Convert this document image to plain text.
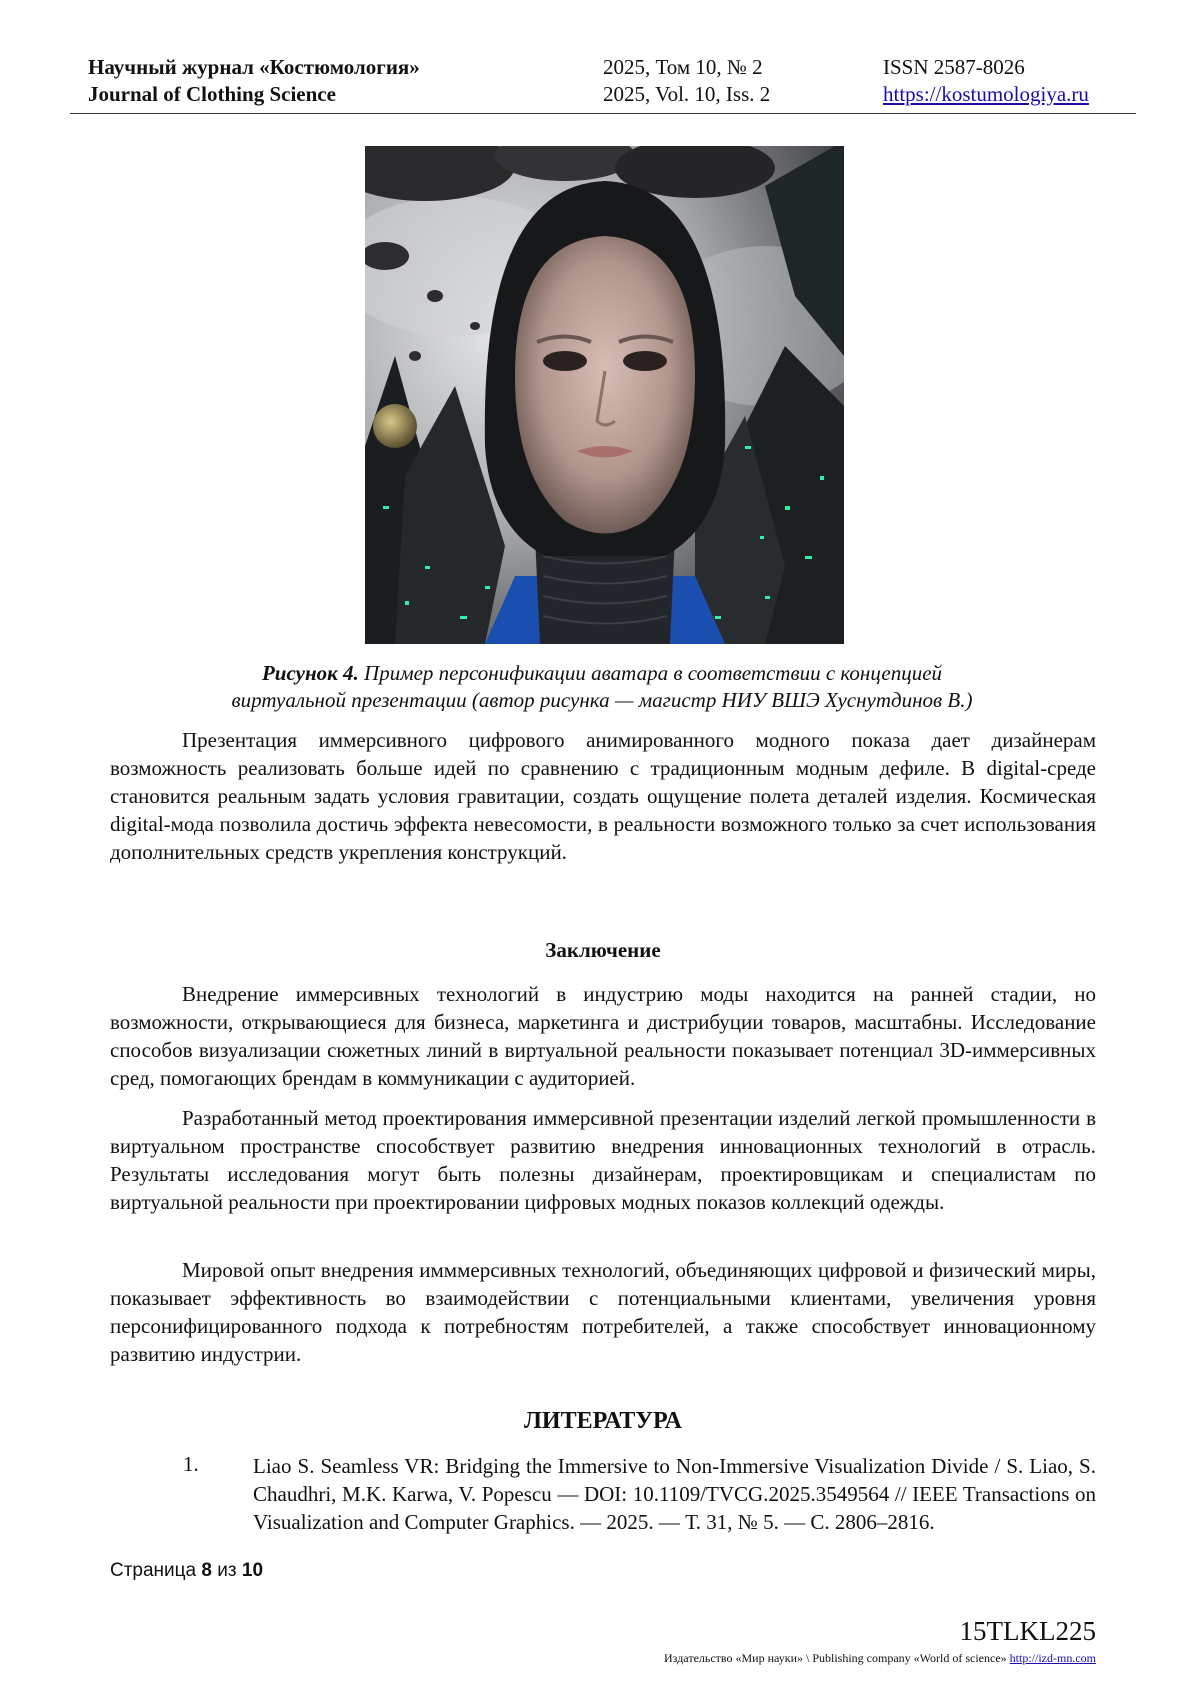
Научный журнал «Костюмология»
Journal of Clothing Science
2025, Том 10, № 2
2025, Vol. 10, Iss. 2
ISSN 2587-8026
https://kostumologiya.ru
Рисунок 4. Пример персонификации аватара в соответствии с концепцией
виртуальной презентации (автор рисунка — магистр НИУ ВШЭ Хуснутдинов В.)

Презентация иммерсивного цифрового анимированного модного показа дает дизайнерам возможность реализовать больше идей по сравнению с традиционным модным дефиле. В digital-среде становится реальным задать условия гравитации, создать ощущение полета деталей изделия. Космическая digital-мода позволила достичь эффекта невесомости, в реальности возможного только за счет использования дополнительных средств укрепления конструкций.

Заключение

Внедрение иммерсивных технологий в индустрию моды находится на ранней стадии, но возможности, открывающиеся для бизнеса, маркетинга и дистрибуции товаров, масштабны. Исследование способов визуализации сюжетных линий в виртуальной реальности показывает потенциал 3D-иммерсивных сред, помогающих брендам в коммуникации с аудиторией.

Разработанный метод проектирования иммерсивной презентации изделий легкой промышленности в виртуальном пространстве способствует развитию внедрения инновационных технологий в отрасль. Результаты исследования могут быть полезны дизайнерам, проектировщикам и специалистам по виртуальной реальности при проектировании цифровых модных показов коллекций одежды.

Мировой опыт внедрения имммерсивных технологий, объединяющих цифровой и физический миры, показывает эффективность во взаимодействии с потенциальными клиентами, увеличения уровня персонифицированного подхода к потребностям потребителей, а также способствует инновационному развитию индустрии.

ЛИТЕРАТУРА
1.	Liao S. Seamless VR: Bridging the Immersive to Non-Immersive Visualization Divide / S. Liao, S. Chaudhri, M.K. Karwa, V. Popescu — DOI: 10.1109/TVCG.2025.3549564 // IEEE Transactions on Visualization and Computer Graphics. — 2025. — Т. 31, № 5. — С. 2806–2816.

Страница 8 из 10
15TLKL225
Издательство «Мир науки» \ Publishing company «World of science» http://izd-mn.com
